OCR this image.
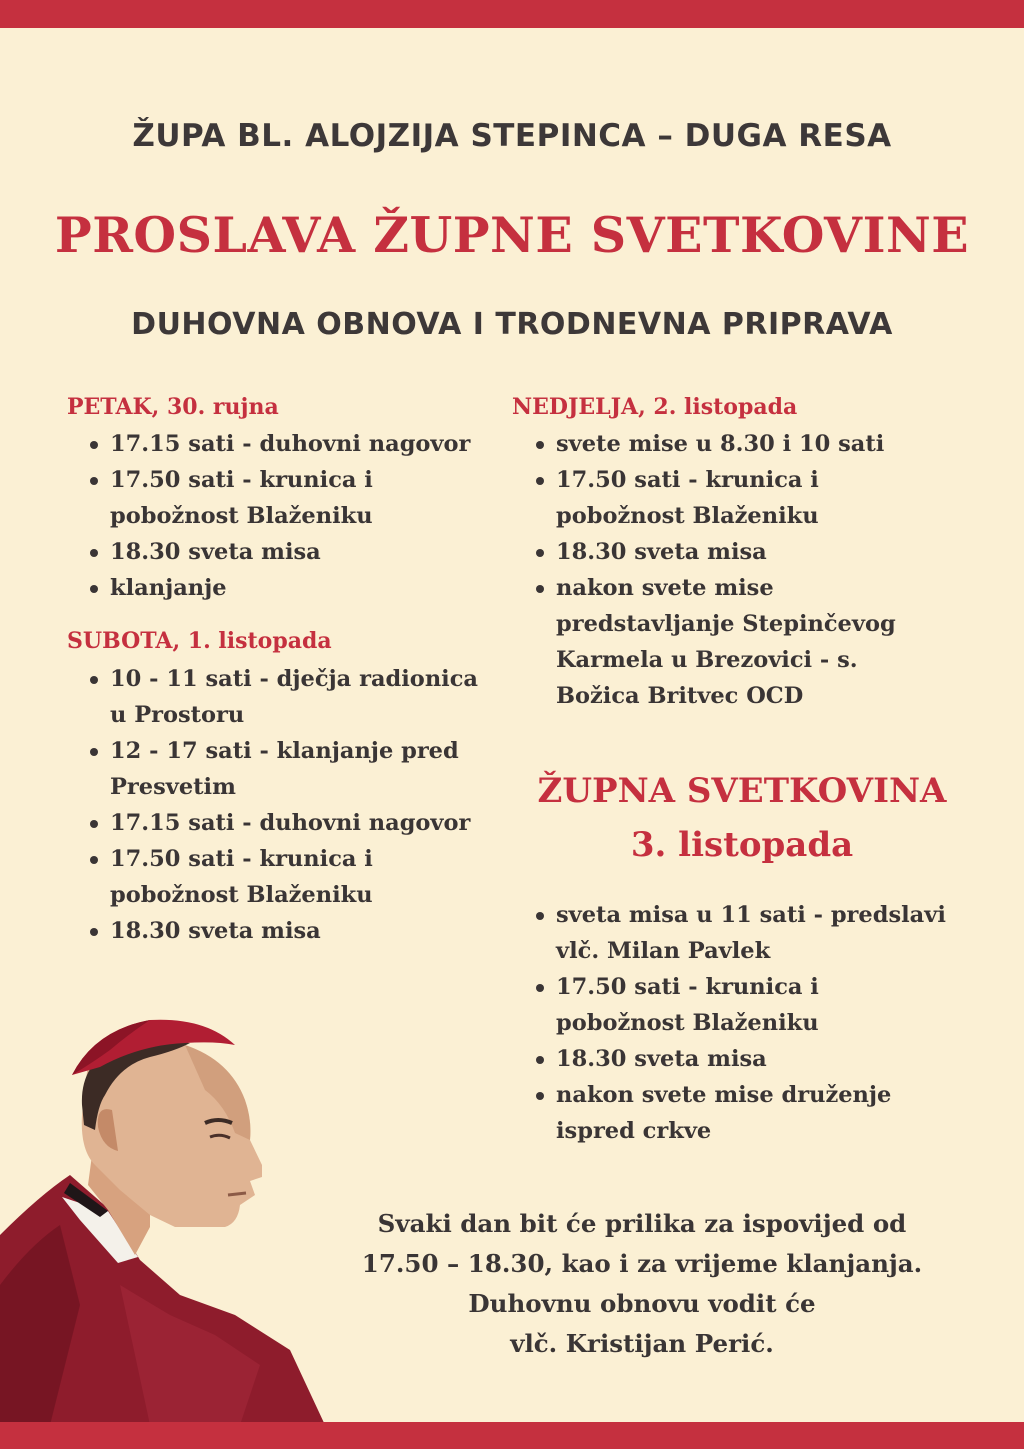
ŽUPA BL. ALOJZIJA STEPINCA – DUGA RESA
PROSLAVA ŽUPNE SVETKOVINE
DUHOVNA OBNOVA I TRODNEVNA PRIPRAVA
PETAK, 30. rujna
17.15 sati - duhovni nagovor
17.50 sati - krunica i pobožnost Blaženiku
18.30 sveta misa
klanjanje
SUBOTA, 1. listopada
10 - 11 sati - dječja radionica u Prostoru
12 - 17 sati - klanjanje pred Presvetim
17.15 sati - duhovni nagovor
17.50 sati - krunica i pobožnost Blaženiku
18.30 sveta misa
NEDJELJA, 2. listopada
svete mise u 8.30 i 10 sati
17.50 sati - krunica i pobožnost Blaženiku
18.30 sveta misa
nakon svete mise predstavljanje Stepinčevog Karmela u Brezovici - s. Božica Britvec OCD
ŽUPNA SVETKOVINA
3. listopada
sveta misa u 11 sati - predslavi vlč. Milan Pavlek
17.50 sati - krunica i pobožnost Blaženiku
18.30 sveta misa
nakon svete mise druženje ispred crkve
Svaki dan bit će prilika za ispovijed od
17.50 – 18.30, kao i za vrijeme klanjanja.
Duhovnu obnovu vodit će
vlč. Kristijan Perić.
